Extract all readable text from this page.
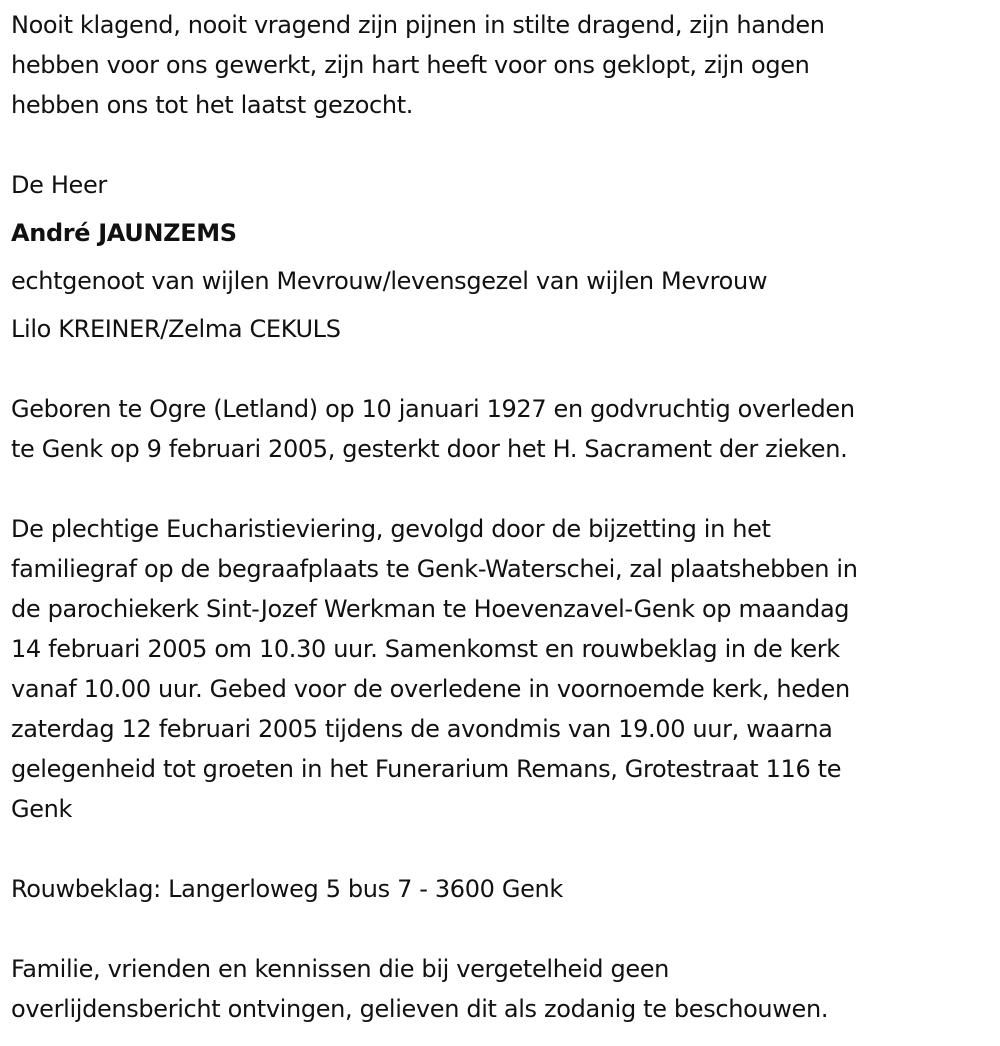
Nooit klagend, nooit vragend zijn pijnen in stilte dragend, zijn handen
hebben voor ons gewerkt, zijn hart heeft voor ons geklopt, zijn ogen
hebben ons tot het laatst gezocht.
De Heer
André JAUNZEMS
echtgenoot van wijlen Mevrouw/levensgezel van wijlen Mevrouw
Lilo KREINER/Zelma CEKULS
Geboren te Ogre (Letland) op 10 januari 1927 en godvruchtig overleden
te Genk op 9 februari 2005, gesterkt door het H. Sacrament der zieken.
De plechtige Eucharistieviering, gevolgd door de bijzetting in het
familiegraf op de begraafplaats te Genk-Waterschei, zal plaatshebben in
de parochiekerk Sint-Jozef Werkman te Hoevenzavel-Genk op maandag
14 februari 2005 om 10.30 uur. Samenkomst en rouwbeklag in de kerk
vanaf 10.00 uur. Gebed voor de overledene in voornoemde kerk, heden
zaterdag 12 februari 2005 tijdens de avondmis van 19.00 uur, waarna
gelegenheid tot groeten in het Funerarium Remans, Grotestraat 116 te
Genk
Rouwbeklag: Langerloweg 5 bus 7 - 3600 Genk
Familie, vrienden en kennissen die bij vergetelheid geen
overlijdensbericht ontvingen, gelieven dit als zodanig te beschouwen.
